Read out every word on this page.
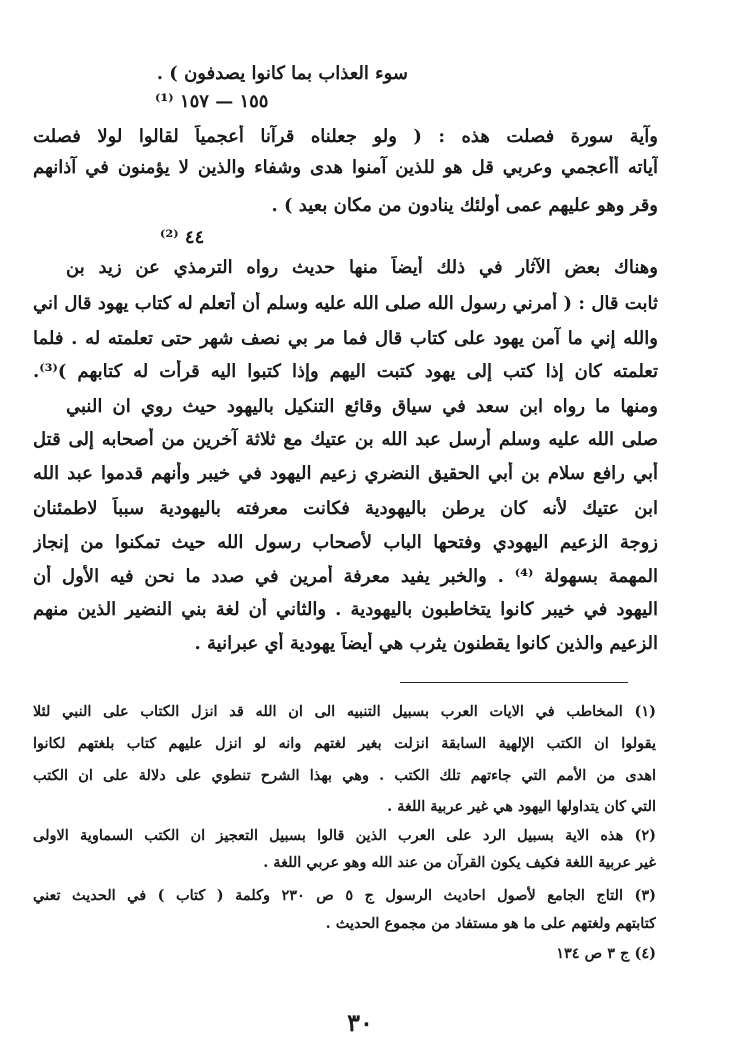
سوء العذاب بما كانوا يصدفون ) .
١٥٥ — ١٥٧ ⁽¹⁾
وآية سورة فصلت هذه : ( ولو جعلناه قرآنا أعجمياً لقالوا لولا فصلت
آياته أأعجمي وعربي قل هو للذين آمنوا هدى وشفاء والذين لا يؤمنون في آذانهم
وقر وهو عليهم عمى أولئك ينادون من مكان بعيد ) .
٤٤ ⁽²⁾
وهناك بعض الآثار في ذلك أيضاً منها حديث رواه الترمذي عن زيد بن
ثابت قال : ( أمرني رسول الله صلى الله عليه وسلم أن أتعلم له كتاب يهود قال اني
والله إني ما آمن يهود على كتاب قال فما مر بي نصف شهر حتى تعلمته له . فلما
تعلمته كان إذا كتب إلى يهود كتبت اليهم وإذا كتبوا اليه قرأت له كتابهم )⁽³⁾.
ومنها ما رواه ابن سعد في سياق وقائع التنكيل باليهود حيث روي ان النبي
صلى الله عليه وسلم أرسل عبد الله بن عتيك مع ثلاثة آخرين من أصحابه إلى قتل
أبي رافع سلام بن أبي الحقيق النضري زعيم اليهود في خيبر وأنهم قدموا عبد الله
ابن عتيك لأنه كان يرطن باليهودية فكانت معرفته باليهودية سبباً لاطمئنان
زوجة الزعيم اليهودي وفتحها الباب لأصحاب رسول الله حيث تمكنوا من إنجاز
المهمة بسهولة ⁽⁴⁾ . والخبر يفيد معرفة أمرين في صدد ما نحن فيه الأول أن
اليهود في خيبر كانوا يتخاطبون باليهودية . والثاني أن لغة بني النضير الذين منهم
الزعيم والذين كانوا يقطنون يثرب هي أيضاً يهودية أي عبرانية .
(١) المخاطب في الايات العرب بسبيل التنبيه الى ان الله قد انزل الكتاب على النبي لئلا
يقولوا ان الكتب الإلهية السابقة انزلت بغير لغتهم وانه لو انزل عليهم كتاب بلغتهم لكانوا
اهدى من الأمم التي جاءتهم تلك الكتب . وهي بهذا الشرح تنطوي على دلالة على ان الكتب
التي كان يتداولها اليهود هي غير عربية اللغة .
(٢) هذه الاية بسبيل الرد على العرب الذين قالوا بسبيل التعجيز ان الكتب السماوية الاولى
غير عربية اللغة فكيف يكون القرآن من عند الله وهو عربي اللغة .
(٣) التاج الجامع لأصول احاديث الرسول ج ٥ ص ٢٣٠ وكلمة ( كتاب ) في الحديث تعني
كتابتهم ولغتهم على ما هو مستفاد من مجموع الحديث .
(٤) ج ٣ ص ١٣٤
٣٠
